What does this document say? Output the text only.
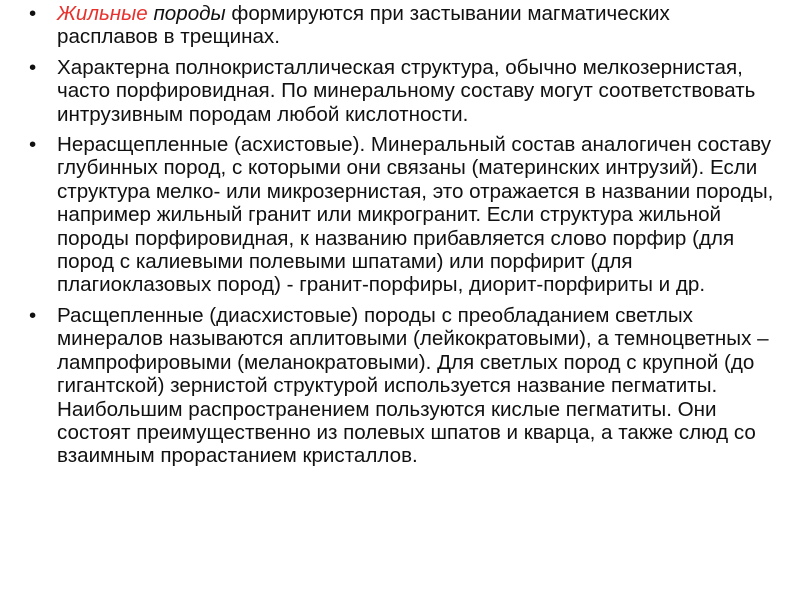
• Жильные породы формируются при застывании магматических расплавов в трещинах.
• Характерна полнокристаллическая структура, обычно мелкозернистая, часто порфировидная. По минеральному составу могут соответствовать интрузивным породам любой кислотности.
• Нерасщепленные (асхистовые). Минеральный состав аналогичен составу глубинных пород, с которыми они связаны (материнских интрузий). Если структура мелко- или микрозернистая, это отражается в названии породы, например жильный гранит или микрогранит. Если структура жильной породы порфировидная, к названию прибавляется слово порфир (для пород с калиевыми полевыми шпатами) или порфирит (для плагиоклазовых пород) - гранит-порфиры, диорит-порфириты и др.
• Расщепленные (диасхистовые) породы с преобладанием светлых минералов называются аплитовыми (лейкократовыми), а темноцветных – лампрофировыми (меланократовыми). Для светлых пород с крупной (до гигантской) зернистой структурой используется название пегматиты. Наибольшим распространением пользуются кислые пегматиты. Они состоят преимущественно из полевых шпатов и кварца, а также слюд со взаимным прорастанием кристаллов.
